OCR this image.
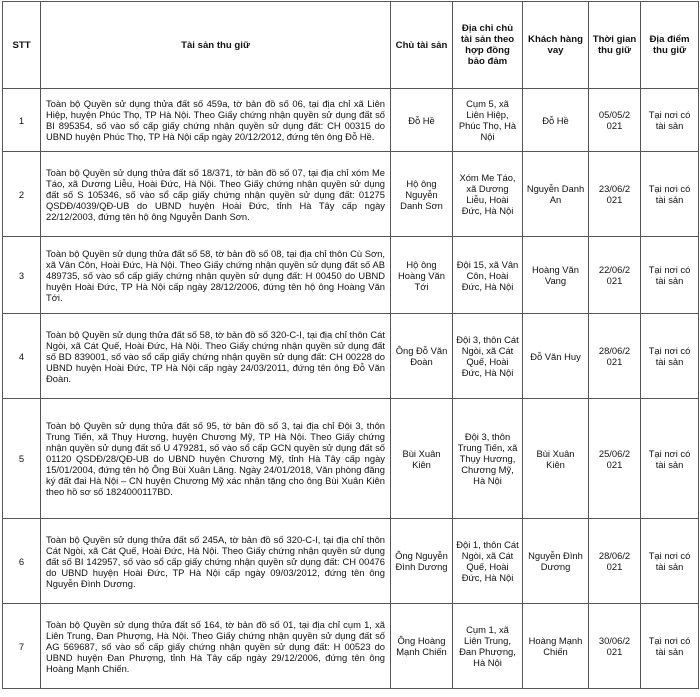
STT	Tài sản thu giữ	Chủ tài sản	Địa chỉ chủ tài sản theo hợp đồng bảo đảm	Khách hàng vay	Thời gian thu giữ	Địa điểm thu giữ
1	Toàn bộ Quyền sử dụng thửa đất số 459a, tờ bản đồ số 06, tại địa chỉ xã Liên Hiệp, huyện Phúc Thọ, TP Hà Nội. Theo Giấy chứng nhận quyền sử dụng đất số BI 895354, số vào sổ cấp giấy chứng nhận quyền sử dụng đất: CH 00315 do UBND huyện Phúc Thọ, TP Hà Nội cấp ngày 20/12/2012, đứng tên ông Đỗ Hề.	Đỗ Hề	Cụm 5, xã Liên Hiệp, Phúc Thọ, Hà Nội	Đỗ Hề	05/05/2 021	Tại nơi có tài sản
2	Toàn bộ Quyền sử dụng thửa đất số 18/371, tờ bản đồ số 07, tại địa chỉ xóm Me Táo, xã Dương Liễu, Hoài Đức, Hà Nội. Theo Giấy chứng nhận quyền sử dụng đất số S 105346, số vào sổ cấp giấy chứng nhận quyền sử dụng đất: 01275 QSDĐ/4039/QĐ-UB do UBND huyện Hoài Đức, tỉnh Hà Tây cấp ngày 22/12/2003, đứng tên hộ ông Nguyễn Danh Sơn.	Hộ ông Nguyễn Danh Sơn	Xóm Me Táo, xã Dương Liễu, Hoài Đức, Hà Nội	Nguyễn Danh An	23/06/2 021	Tại nơi có tài sản
3	Toàn bộ Quyền sử dụng thửa đất số 58, tờ bản đồ số 08, tại địa chỉ thôn Cù Sơn, xã Vân Côn, Hoài Đức, Hà Nội. Theo Giấy chứng nhận quyền sử dụng đất số AB 489735, số vào sổ cấp giấy chứng nhận quyền sử dụng đất: H 00450 do UBND huyện Hoài Đức, TP Hà Nội cấp ngày 28/12/2006, đứng tên hộ ông Hoàng Văn Tới.	Hộ ông Hoàng Văn Tới	Đội 15, xã Vân Côn, Hoài Đức, Hà Nội	Hoàng Văn Vang	22/06/2 021	Tại nơi có tài sản
4	Toàn bộ Quyền sử dụng thửa đất số 58, tờ bản đồ số 320-C-I, tại địa chỉ thôn Cát Ngòi, xã Cát Quế, Hoài Đức, Hà Nội. Theo Giấy chứng nhận quyền sử dụng đất số BD 839001, số vào sổ cấp giấy chứng nhận quyền sử dụng đất: CH 00228 do UBND huyện Hoài Đức, TP Hà Nội cấp ngày 24/03/2011, đứng tên ông Đỗ Văn Đoàn.	Ông Đỗ Văn Đoàn	Đội 3, thôn Cát Ngòi, xã Cát Quế, Hoài Đức, Hà Nội	Đỗ Văn Huy	28/06/2 021	Tại nơi có tài sản
5	Toàn bộ Quyền sử dụng thửa đất số 95, tờ bản đồ số 3, tại địa chỉ Đội 3, thôn Trung Tiến, xã Thụy Hương, huyện Chương Mỹ, TP Hà Nội. Theo Giấy chứng nhận quyền sử dụng đất số U 479281, số vào sổ cấp GCN quyền sử dụng đất số 01120 QSDĐ/28/QĐ-UB do UBND huyện Chương Mỹ, tỉnh Hà Tây cấp ngày 15/01/2004, đứng tên hộ Ông Bùi Xuân Lăng. Ngày 24/01/2018, Văn phòng đăng ký đất đai Hà Nội – CN huyện Chương Mỹ xác nhận tặng cho ông Bùi Xuân Kiên theo hồ sơ số 1824000117BD.	Bùi Xuân Kiên	Đội 3, thôn Trung Tiến, xã Thụy Hương, Chương Mỹ, Hà Nội	Bùi Xuân Kiên	25/06/2 021	Tại nơi có tài sản
6	Toàn bộ Quyền sử dụng thửa đất số 245A, tờ bản đồ số 320-C-I, tại địa chỉ thôn Cát Ngòi, xã Cát Quế, Hoài Đức, Hà Nội. Theo Giấy chứng nhận quyền sử dụng đất số BI 142957, số vào sổ cấp giấy chứng nhận quyền sử dụng đất: CH 00476 do UBND huyện Hoài Đức, TP Hà Nội cấp ngày 09/03/2012, đứng tên ông Nguyễn Đình Dương.	Ông Nguyễn Đình Dương	Đội 1, thôn Cát Ngòi, xã Cát Quế, Hoài Đức, Hà Nội	Nguyễn Đình Dương	28/06/2 021	Tại nơi có tài sản
7	Toàn bộ Quyền sử dụng thửa đất số 164, tờ bản đồ số 01, tại địa chỉ cụm 1, xã Liên Trung, Đan Phượng, Hà Nội. Theo Giấy chứng nhận quyền sử dụng đất số AG 569687, số vào sổ cấp giấy chứng nhận quyền sử dụng đất: H 00523 do UBND huyện Đan Phượng, tỉnh Hà Tây cấp ngày 29/12/2006, đứng tên ông Hoàng Mạnh Chiến.	Ông Hoàng Mạnh Chiến	Cụm 1, xã Liên Trung, Đan Phượng, Hà Nội	Hoàng Mạnh Chiến	30/06/2 021	Tại nơi có tài sản
